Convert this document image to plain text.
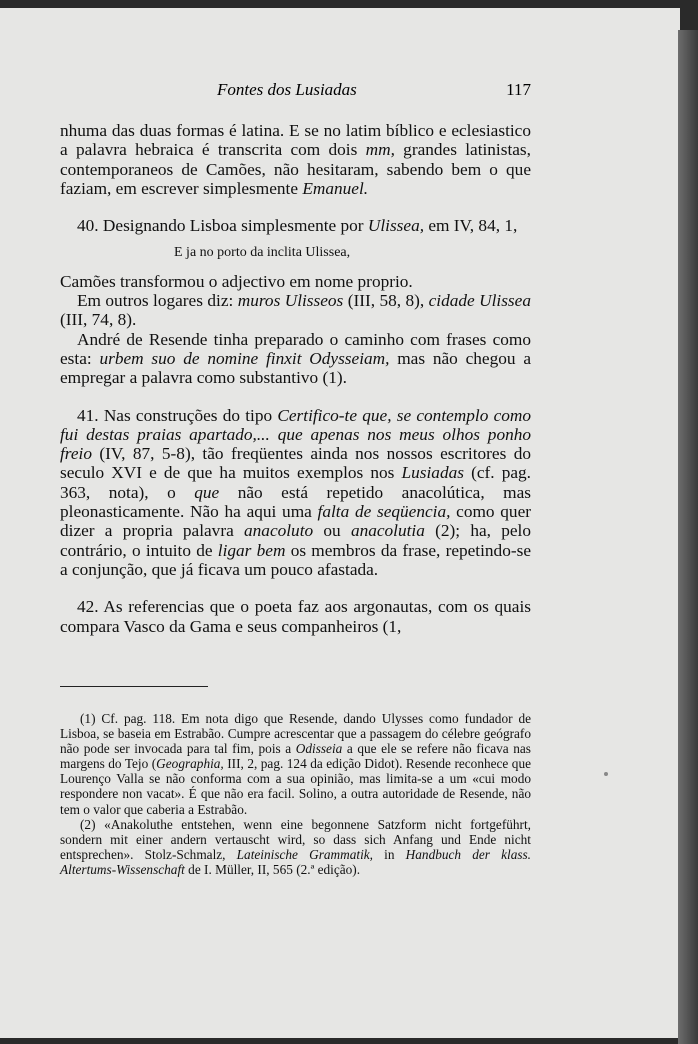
Fontes dos Lusiadas	117

nhuma das duas formas é latina. E se no latim bíblico e eclesiastico a palavra hebraica é transcrita com dois mm, grandes latinistas, contemporaneos de Camões, não hesitaram, sabendo bem o que faziam, em escrever simplesmente Emanuel.

40. Designando Lisboa simplesmente por Ulissea, em IV, 84, 1,

E ja no porto da inclita Ulissea,

Camões transformou o adjectivo em nome proprio.

Em outros logares diz: muros Ulisseos (III, 58, 8), cidade Ulissea (III, 74, 8).

André de Resende tinha preparado o caminho com frases como esta: urbem suo de nomine finxit Odysseiam, mas não chegou a empregar a palavra como substantivo (1).

41. Nas construções do tipo Certifico-te que, se contemplo como fui destas praias apartado,... que apenas nos meus olhos ponho freio (IV, 87, 5-8), tão freqüentes ainda nos nossos escritores do seculo XVI e de que ha muitos exemplos nos Lusiadas (cf. pag. 363, nota), o que não está repetido anacolútica, mas pleonasticamente. Não ha aqui uma falta de seqüencia, como quer dizer a propria palavra anacoluto ou anacolutia (2); ha, pelo contrário, o intuito de ligar bem os membros da frase, repetindo-se a conjunção, que já ficava um pouco afastada.

42. As referencias que o poeta faz aos argonautas, com os quais compara Vasco da Gama e seus companheiros (1,

(1) Cf. pag. 118. Em nota digo que Resende, dando Ulysses como fundador de Lisboa, se baseia em Estrabão. Cumpre acrescentar que a passagem do célebre geógrafo não pode ser invocada para tal fim, pois a Odisseia a que ele se refere não ficava nas margens do Tejo (Geographia, III, 2, pag. 124 da edição Didot). Resende reconhece que Lourenço Valla se não conforma com a sua opinião, mas limita-se a um «cui modo respondere non vacat». É que não era facil. Solino, a outra autoridade de Resende, não tem o valor que caberia a Estrabão.

(2) «Anakoluthe entstehen, wenn eine begonnene Satzform nicht fortgeführt, sondern mit einer andern vertauscht wird, so dass sich Anfang und Ende nicht entsprechen». Stolz-Schmalz, Lateinische Grammatik, in Handbuch der klass. Altertums-Wissenschaft de I. Müller, II, 565 (2.ª edição).
